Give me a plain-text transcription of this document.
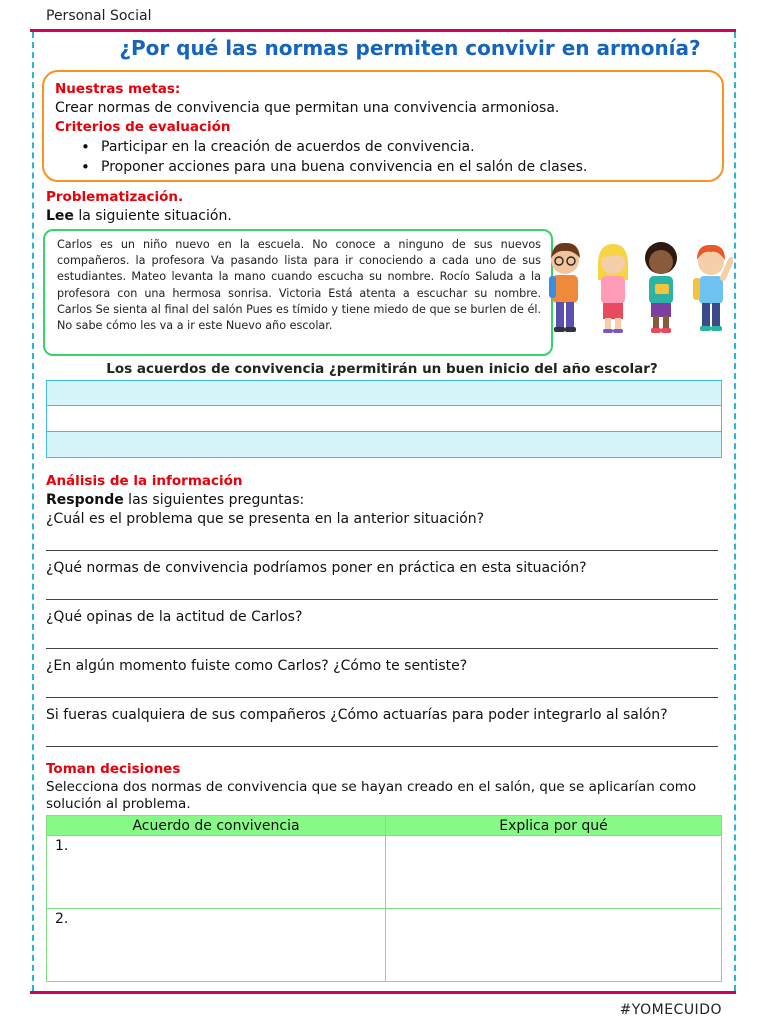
Personal Social
#YOMECUIDO
¿Por qué las normas permiten convivir en armonía?
Nuestras metas:
Crear normas de convivencia que permitan una convivencia armoniosa.
Criterios de evaluación
• Participar en la creación de acuerdos de convivencia.
• Proponer acciones para una buena convivencia en el salón de clases.
Problematización.
Lee la siguiente situación.
Carlos es un niño nuevo en la escuela. No conoce a ninguno de sus nuevos compañeros. la profesora Va pasando lista para ir conociendo a cada uno de sus estudiantes. Mateo levanta la mano cuando escucha su nombre. Rocío Saluda a la profesora con una hermosa sonrisa. Victoria Está atenta a escuchar su nombre. Carlos Se sienta al final del salón Pues es tímido y tiene miedo de que se burlen de él. No sabe cómo les va a ir este Nuevo año escolar.
Los acuerdos de convivencia ¿permitirán un buen inicio del año escolar?
Análisis de la información
Responde las siguientes preguntas:
¿Cuál es el problema que se presenta en la anterior situación?
¿Qué normas de convivencia podríamos poner en práctica en esta situación?
¿Qué opinas de la actitud de Carlos?
¿En algún momento fuiste como Carlos? ¿Cómo te sentiste?
Si fueras cualquiera de sus compañeros ¿Cómo actuarías para poder integrarlo al salón?
Toman decisiones
Selecciona dos normas de convivencia que se hayan creado en el salón, que se aplicarían como solución al problema.
Acuerdo de convivencia	Explica por qué
1.	
2.	
